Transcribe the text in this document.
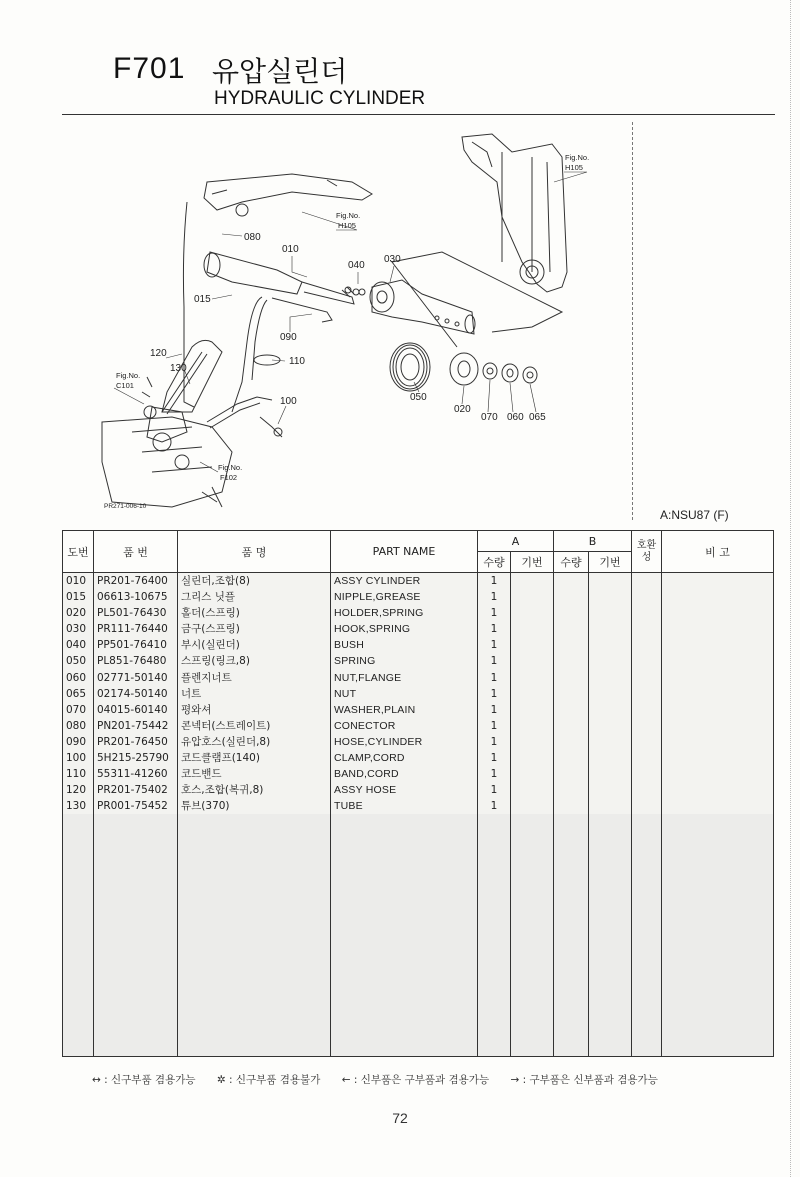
F701 유압실린더
HYDRAULIC CYLINDER
080
010
040
030
015
090
110
120
130
100	050
020
070 060 065
Fig.No.
H105
Fig.No.
H105
Fig.No.
C101
Fig.No.
F102
PR271-006-10
A:NSU87 (F)
도번	품 번	품 명	PART NAME	A		B		호환성	비 고
				수량	기번	수량	기번		
010	PR201-76400	실린더,조합(8)	ASSY CYLINDER	1					
015	06613-10675	그리스 닛플	NIPPLE,GREASE	1					
020	PL501-76430	홀더(스프링)	HOLDER,SPRING	1					
030	PR111-76440	금구(스프링)	HOOK,SPRING	1					
040	PP501-76410	부시(실린더)	BUSH	1					
050	PL851-76480	스프링(링크,8)	SPRING	1					
060	02771-50140	플렌지너트	NUT,FLANGE	1					
065	02174-50140	너트	NUT	1					
070	04015-60140	평와셔	WASHER,PLAIN	1					
080	PN201-75442	콘넥터(스트레이트)	CONECTOR	1					
090	PR201-76450	유압호스(실린더,8)	HOSE,CYLINDER	1					
100	5H215-25790	코드클램프(140)	CLAMP,CORD	1					
110	55311-41260	코드밴드	BAND,CORD	1					
120	PR201-75402	호스,조합(복귀,8)	ASSY HOSE	1					
130	PR001-75452	튜브(370)	TUBE	1					

↔ : 신구부품 겸용가능 ✲ : 신구부품 겸용불가 ← : 신부품은 구부품과 겸용가능 → : 구부품은 신부품과 겸용가능
72
